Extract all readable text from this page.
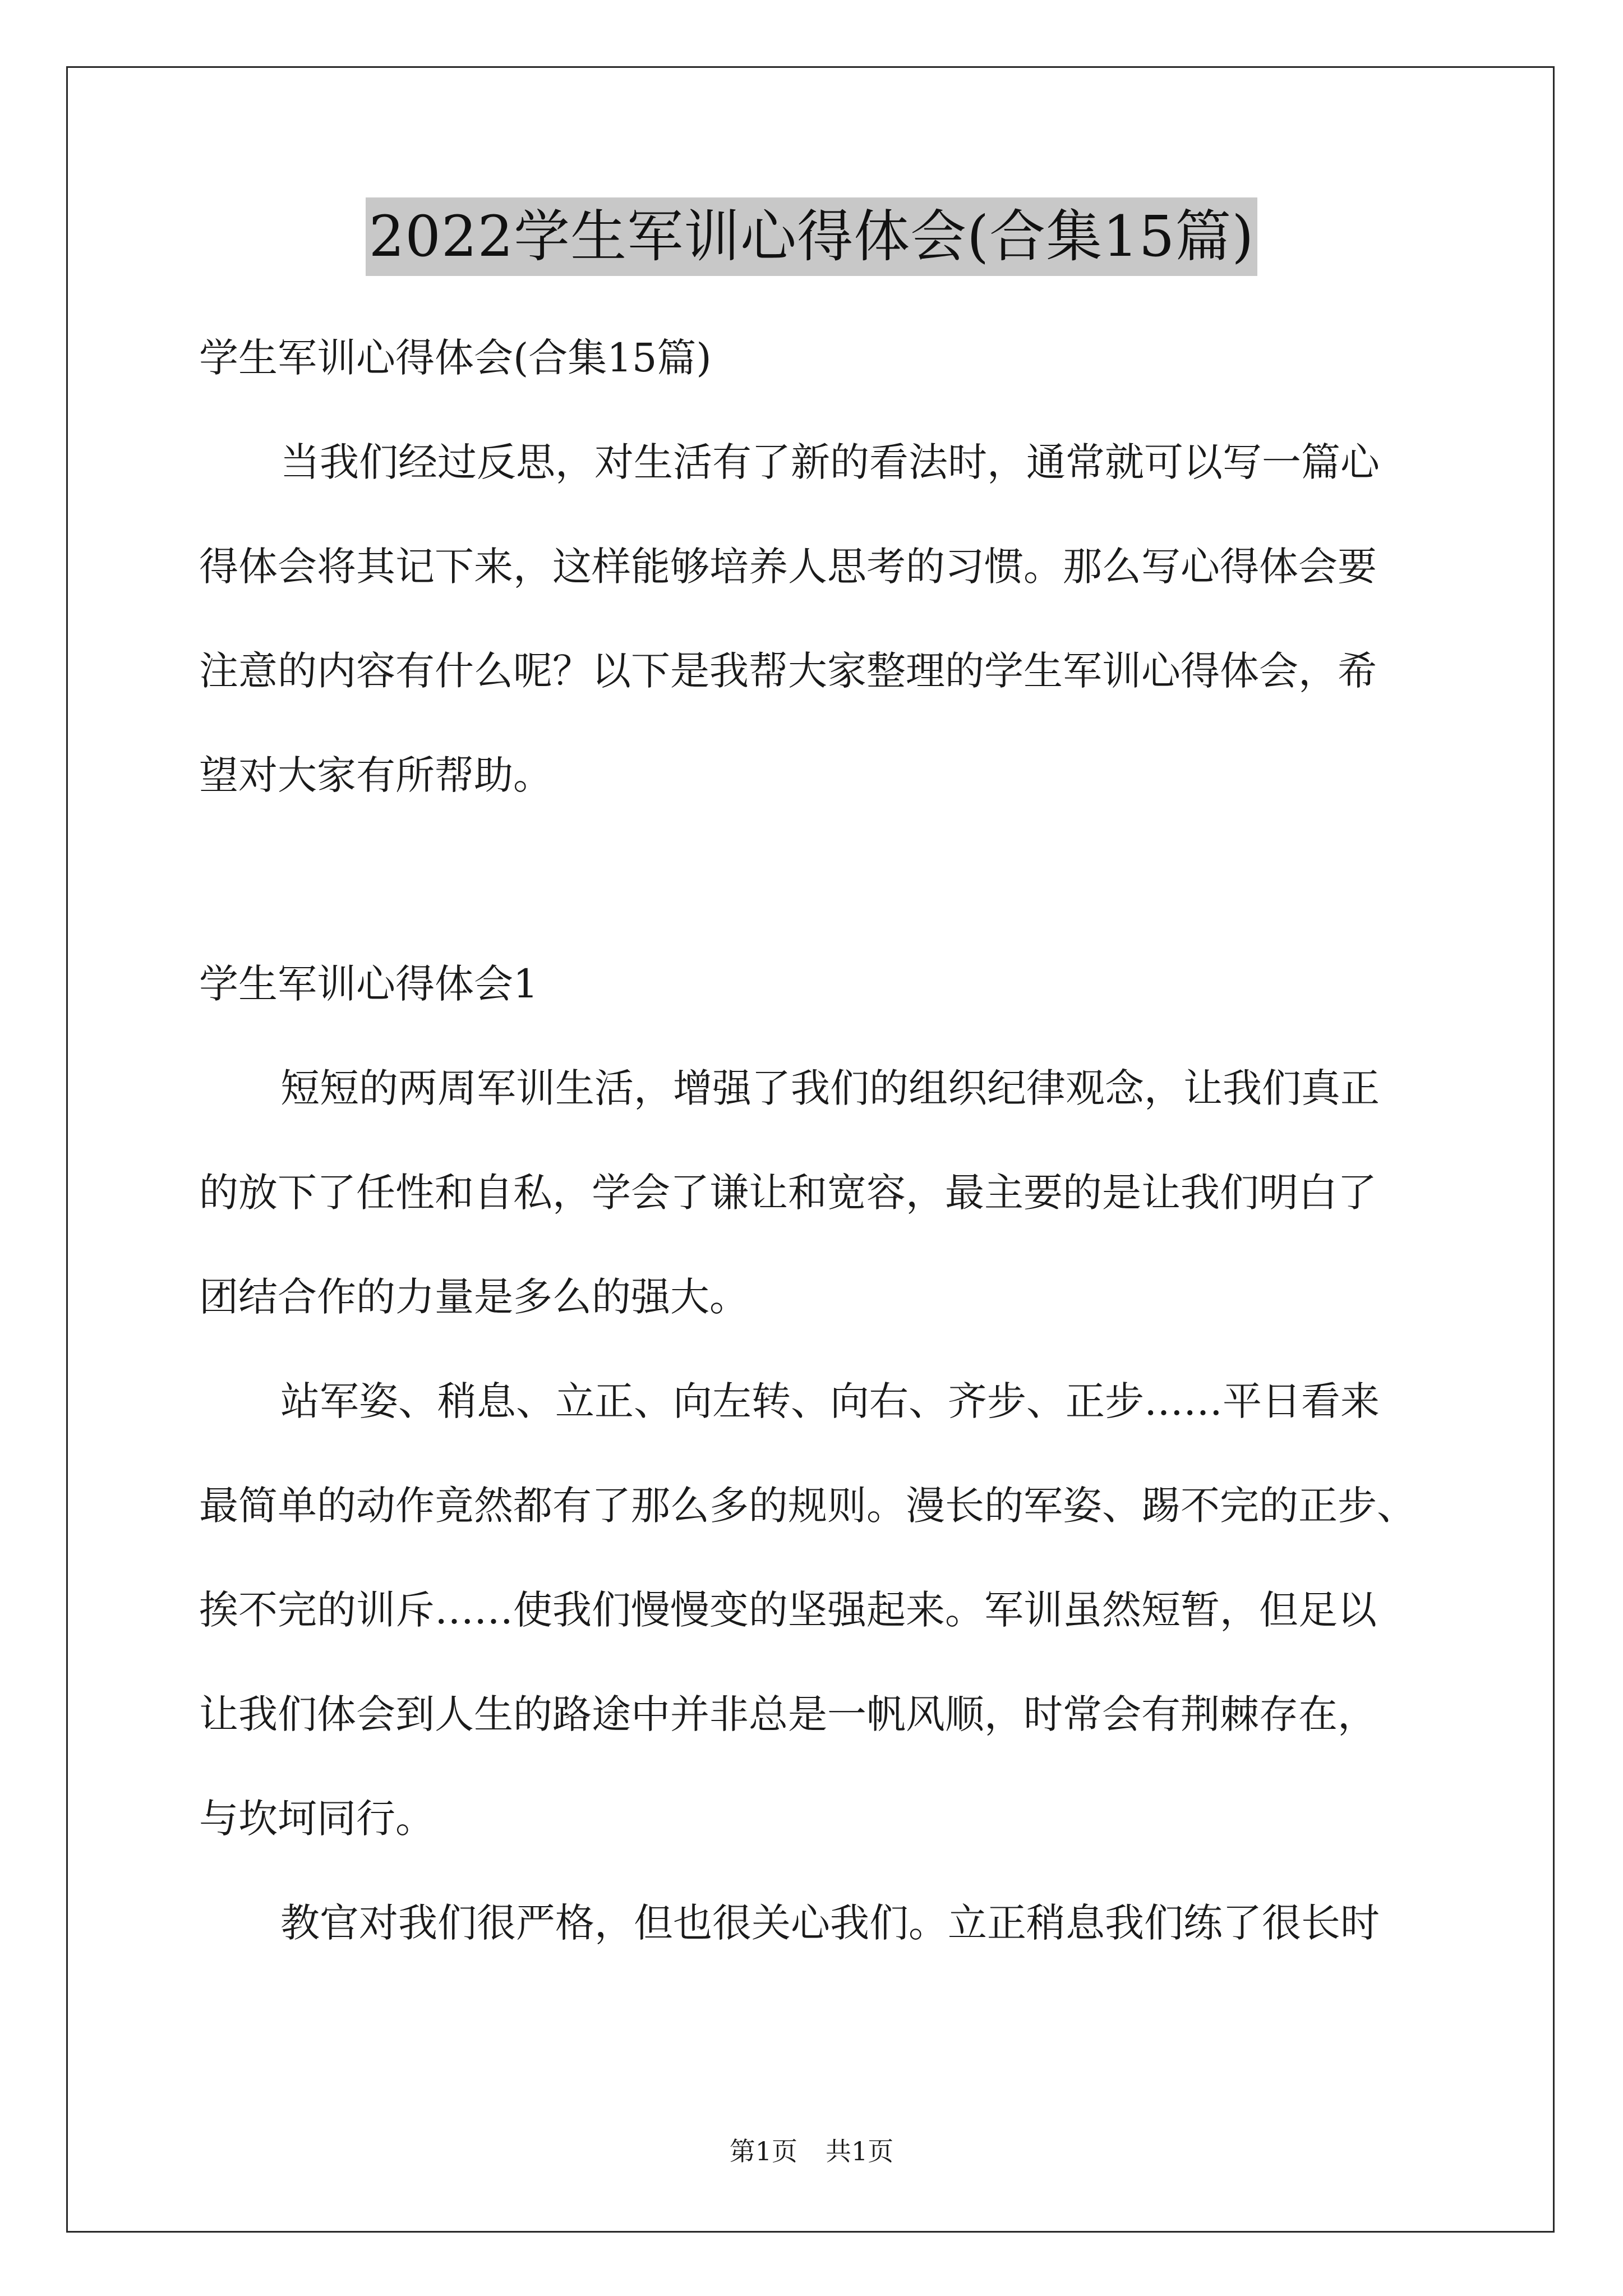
2022学生军训心得体会(合集15篇)
学生军训心得体会(合集15篇)
当我们经过反思，对生活有了新的看法时，通常就可以写一篇心
得体会将其记下来，这样能够培养人思考的习惯。那么写心得体会要
注意的内容有什么呢？以下是我帮大家整理的学生军训心得体会，希
望对大家有所帮助。
学生军训心得体会1
短短的两周军训生活，增强了我们的组织纪律观念，让我们真正
的放下了任性和自私，学会了谦让和宽容，最主要的是让我们明白了
团结合作的力量是多么的强大。
站军姿、稍息、立正、向左转、向右、齐步、正步……平日看来
最简单的动作竟然都有了那么多的规则。漫长的军姿、踢不完的正步、
挨不完的训斥……使我们慢慢变的坚强起来。军训虽然短暂，但足以
让我们体会到人生的路途中并非总是一帆风顺，时常会有荆棘存在，
与坎坷同行。
教官对我们很严格，但也很关心我们。立正稍息我们练了很长时
第1页 共1页
